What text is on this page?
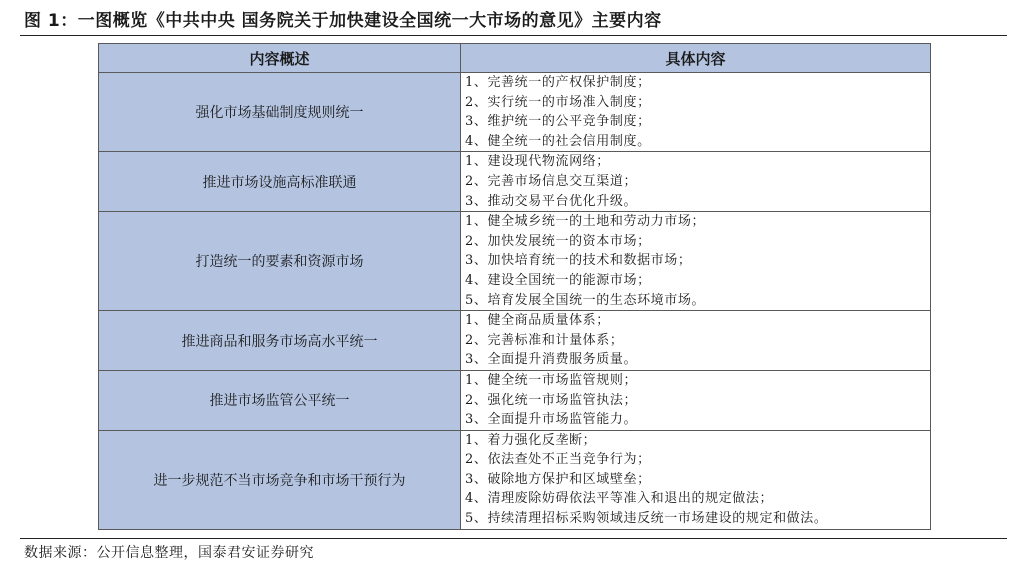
图 1：一图概览《中共中央 国务院关于加快建设全国统一大市场的意见》主要内容
内容概述	具体内容
强化市场基础制度规则统一	1、完善统一的产权保护制度；
2、实行统一的市场准入制度；
3、维护统一的公平竞争制度；
4、健全统一的社会信用制度。

推进市场设施高标准联通	1、建设现代物流网络；
2、完善市场信息交互渠道；
3、推动交易平台优化升级。

打造统一的要素和资源市场	1、健全城乡统一的土地和劳动力市场；
2、加快发展统一的资本市场；
3、加快培育统一的技术和数据市场；
4、建设全国统一的能源市场；
5、培育发展全国统一的生态环境市场。

推进商品和服务市场高水平统一	1、健全商品质量体系；
2、完善标准和计量体系；
3、全面提升消费服务质量。

推进市场监管公平统一	1、健全统一市场监管规则；
2、强化统一市场监管执法；
3、全面提升市场监管能力。

进一步规范不当市场竞争和市场干预行为	1、着力强化反垄断；
2、依法查处不正当竞争行为；
3、破除地方保护和区域壁垒；
4、清理废除妨碍依法平等准入和退出的规定做法；
5、持续清理招标采购领域违反统一市场建设的规定和做法。
数据来源：公开信息整理，国泰君安证券研究
